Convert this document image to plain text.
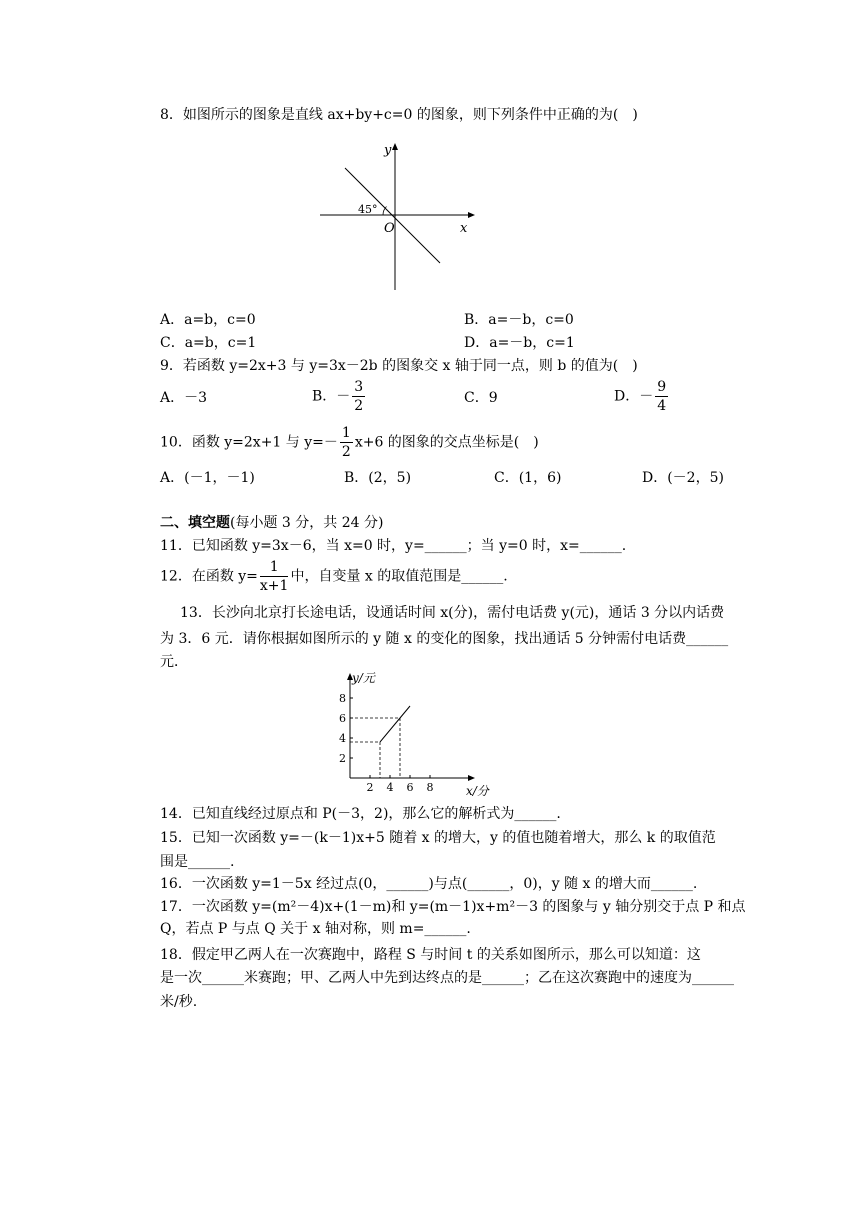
8．如图所示的图象是直线 ax+by+c=0 的图象，则下列条件中正确的为(　)
y
x
O
45°
A．a=b，c=0	B．a=－b，c=0
C．a=b，c=1	D．a=－b，c=1
9．若函数 y=2x+3 与 y=3x－2b 的图象交 x 轴于同一点，则 b 的值为(　)
A．－3	B．－ $\frac{3}{2}$	C．9	D．－ $\frac{9}{4}$
10．函数 y=2x+1 与 $y=- \frac{1}{2} x+6$ 的图象的交点坐标是(　)
A．(－1，－1)	B．(2，5)	C．(1，6)	D．(－2，5)
二、填空题(每小题 3 分，共 24 分)
11．已知函数 y=3x－6，当 x=0 时，y=______；当 y=0 时，x=______.
12．在函数 $y= \frac{1}{x+1}$ 中，自变量 x 的取值范围是______.
13．长沙向北京打长途电话，设通话时间 x(分)，需付电话费 y(元)，通话 3 分以内话费
为 3．6 元．请你根据如图所示的 y 随 x 的变化的图象，找出通话 5 分钟需付电话费______
元．
y/元
x/分
2
4
6
8
2 4 6 8
14．已知直线经过原点和 P(－3，2)，那么它的解析式为______.
15．已知一次函数 y=－(k－1)x+5 随着 x 的增大，y 的值也随着增大，那么 k 的取值范
围是______.
16．一次函数 y=1－5x 经过点(0，______)与点(______，0)，y 随 x 的增大而______.
17．一次函数 y=(m²－4)x+(1－m)和 y=(m－1)x+m²－3 的图象与 y 轴分别交于点 P 和点
Q，若点 P 与点 Q 关于 x 轴对称，则 m=______.
18．假定甲乙两人在一次赛跑中，路程 S 与时间 t 的关系如图所示，那么可以知道：这
是一次______米赛跑；甲、乙两人中先到达终点的是______；乙在这次赛跑中的速度为______
米/秒.
